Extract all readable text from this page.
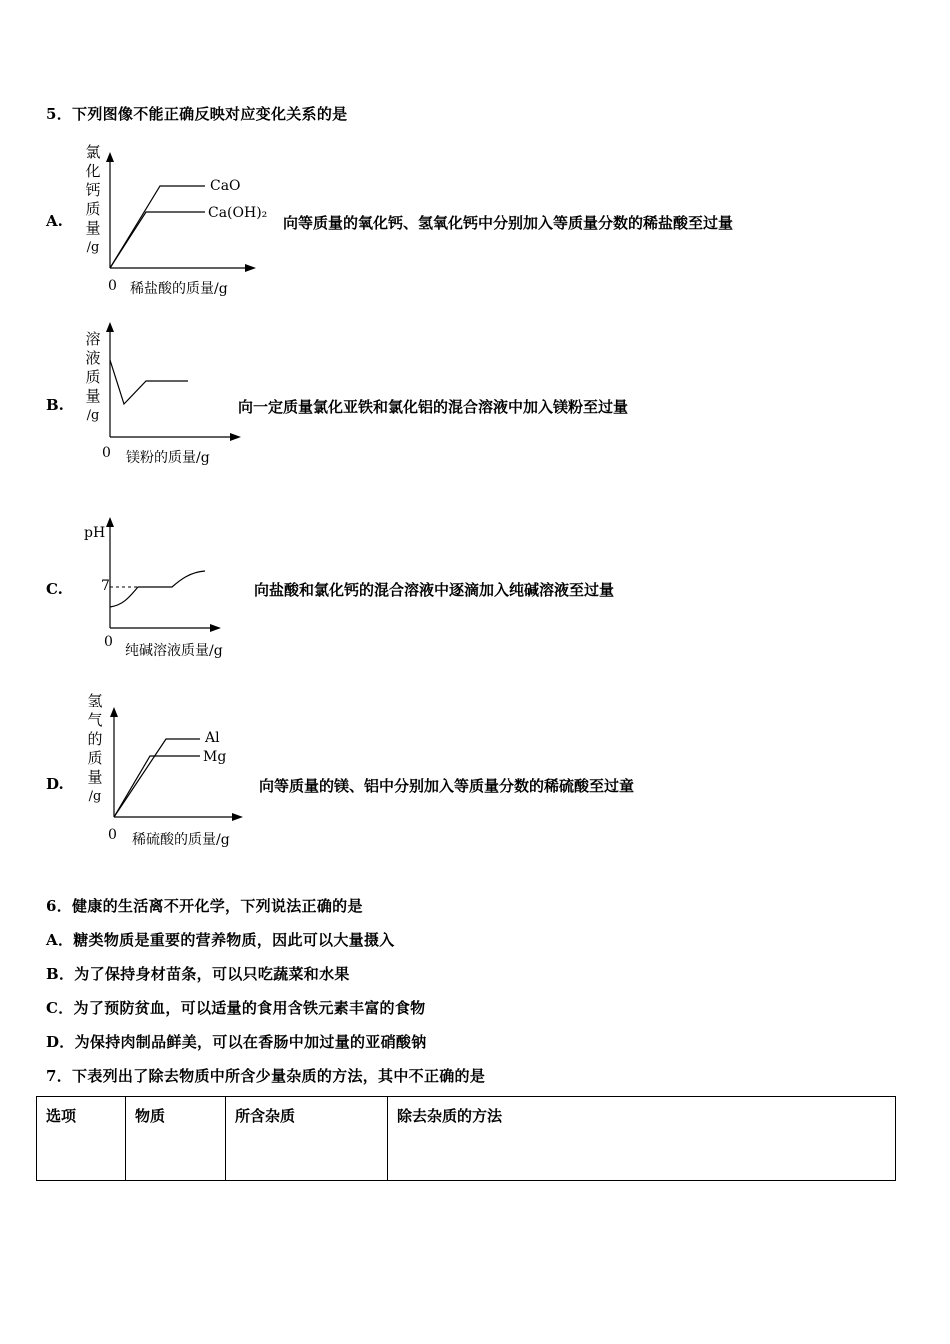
5．下列图像不能正确反映对应变化关系的是
A.
氯
化
钙
质
量
/g
CaO
Ca(OH)₂
0 稀盐酸的质量/g
向等质量的氧化钙、氢氧化钙中分别加入等质量分数的稀盐酸至过量
B.
溶
液
质
量
/g
0 镁粉的质量/g
向一定质量氯化亚铁和氯化铝的混合溶液中加入镁粉至过量
C.
pH
7
0
纯碱溶液质量/g
向盐酸和氯化钙的混合溶液中逐滴加入纯碱溶液至过量
D.
氢
气
的
质
量
/g
Al
Mg
0 稀硫酸的质量/g
向等质量的镁、铝中分别加入等质量分数的稀硫酸至过童
6．健康的生活离不开化学，下列说法正确的是
A．糖类物质是重要的营养物质，因此可以大量摄入
B．为了保持身材苗条，可以只吃蔬菜和水果
C．为了预防贫血，可以适量的食用含铁元素丰富的食物
D．为保持肉制品鲜美，可以在香肠中加过量的亚硝酸钠
7．下表列出了除去物质中所含少量杂质的方法，其中不正确的是
选项	物质	所含杂质	除去杂质的方法
